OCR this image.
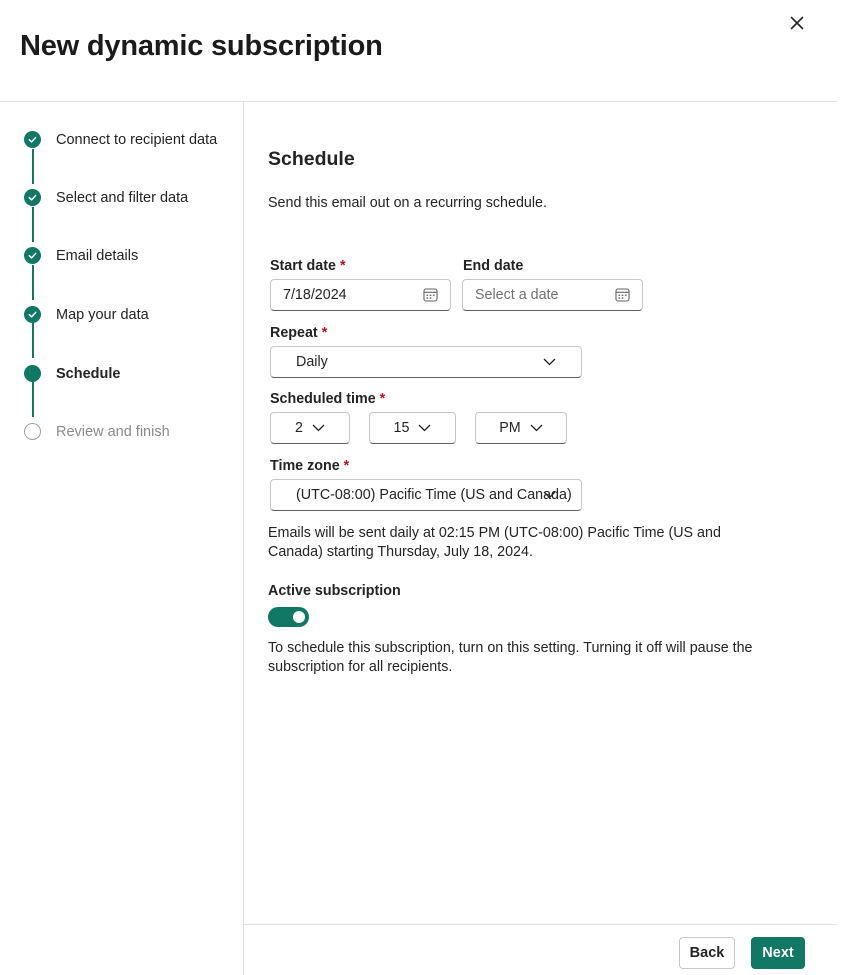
New dynamic subscription
Connect to recipient data
Select and filter data
Email details
Map your data
Schedule
Review and finish
Schedule

Send this email out on a recurring schedule.

Start date *
7/18/2024
End date
Select a date
Repeat *
Daily
Scheduled time *
2	15	PM
Time zone *
(UTC-08:00) Pacific Time (US and Canada)

Emails will be sent daily at 02:15 PM (UTC-08:00) Pacific Time (US and Canada) starting Thursday, July 18, 2024.

Active subscription

To schedule this subscription, turn on this setting. Turning it off will pause the subscription for all recipients.

Back	Next
